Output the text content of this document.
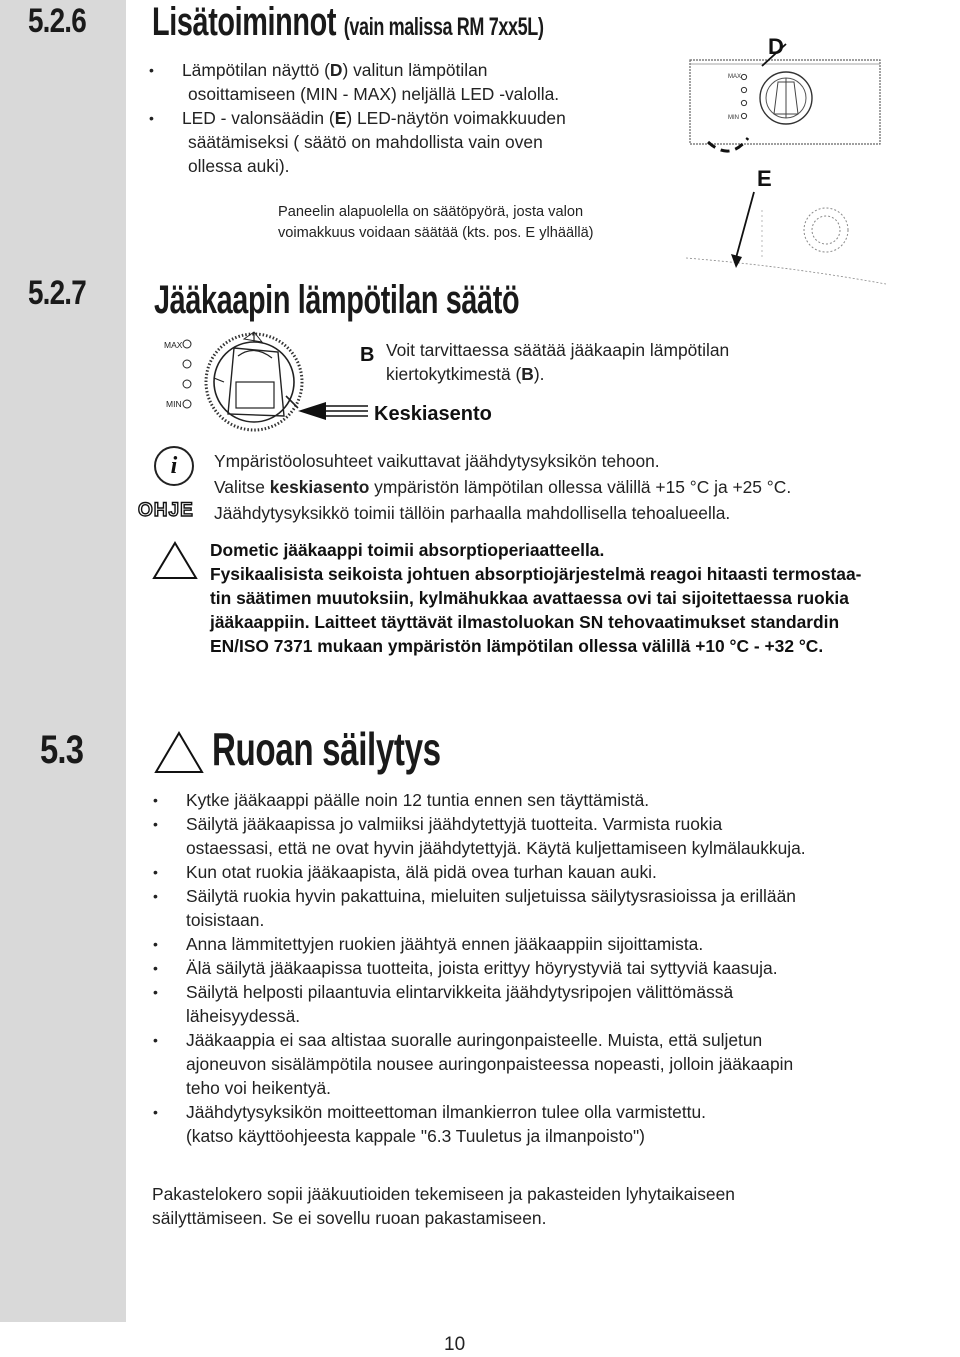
5.2.6 Lisätoiminnot (vain malissa RM 7xx5L)
• Lämpötilan näyttö (D) valitun lämpötilan
osoittamiseen (MIN - MAX) neljällä LED -valolla.
• LED - valonsäädin (E) LED-näytön voimakkuuden
säätämiseksi ( säätö on mahdollista vain oven
ollessa auki).
Paneelin alapuolella on säätöpyörä, josta valon
voimakkuus voidaan säätää (kts. pos. E ylhäällä)
MAX
MIN
D
E
5.2.7 Jääkaapin lämpötilan säätö
MAX
MIN
B Voit tarvittaessa säätää jääkaapin lämpötilan
kiertokytkimestä (B).
Keskiasento
i
OHJE
Ympäristöolosuhteet vaikuttavat jäähdytysyksikön tehoon.
Valitse keskiasento ympäristön lämpötilan ollessa välillä +15 °C ja +25 °C.
Jäähdytysyksikkö toimii tällöin parhaalla mahdollisella tehoalueella.
Dometic jääkaappi toimii absorptioperiaatteella.
Fysikaalisista seikoista johtuen absorptiojärjestelmä reagoi hitaasti termostaa-
tin säätimen muutoksiin, kylmähukkaa avattaessa ovi tai sijoitettaessa ruokia
jääkaappiin. Laitteet täyttävät ilmastoluokan SN tehovaatimukset standardin
EN/ISO 7371 mukaan ympäristön lämpötilan ollessa välillä +10 °C - +32 °C.
5.3	Ruoan säilytys
• Kytke jääkaappi päälle noin 12 tuntia ennen sen täyttämistä.
• Säilytä jääkaapissa jo valmiiksi jäähdytettyjä tuotteita. Varmista ruokia
ostaessasi, että ne ovat hyvin jäähdytettyjä. Käytä kuljettamiseen kylmälaukkuja.
• Kun otat ruokia jääkaapista, älä pidä ovea turhan kauan auki.
• Säilytä ruokia hyvin pakattuina, mieluiten suljetuissa säilytysrasioissa ja erillään
toisistaan.
• Anna lämmitettyjen ruokien jäähtyä ennen jääkaappiin sijoittamista.
• Älä säilytä jääkaapissa tuotteita, joista erittyy höyrystyviä tai syttyviä kaasuja.
• Säilytä helposti pilaantuvia elintarvikkeita jäähdytysripojen välittömässä
läheisyydessä.
• Jääkaappia ei saa altistaa suoralle auringonpaisteelle. Muista, että suljetun
ajoneuvon sisälämpötila nousee auringonpaisteessa nopeasti, jolloin jääkaapin
teho voi heikentyä.
• Jäähdytysyksikön moitteettoman ilmankierron tulee olla varmistettu.
(katso käyttöohjeesta kappale "6.3 Tuuletus ja ilmanpoisto")
Pakastelokero sopii jääkuutioiden tekemiseen ja pakasteiden lyhytaikaiseen
säilyttämiseen. Se ei sovellu ruoan pakastamiseen.
10
